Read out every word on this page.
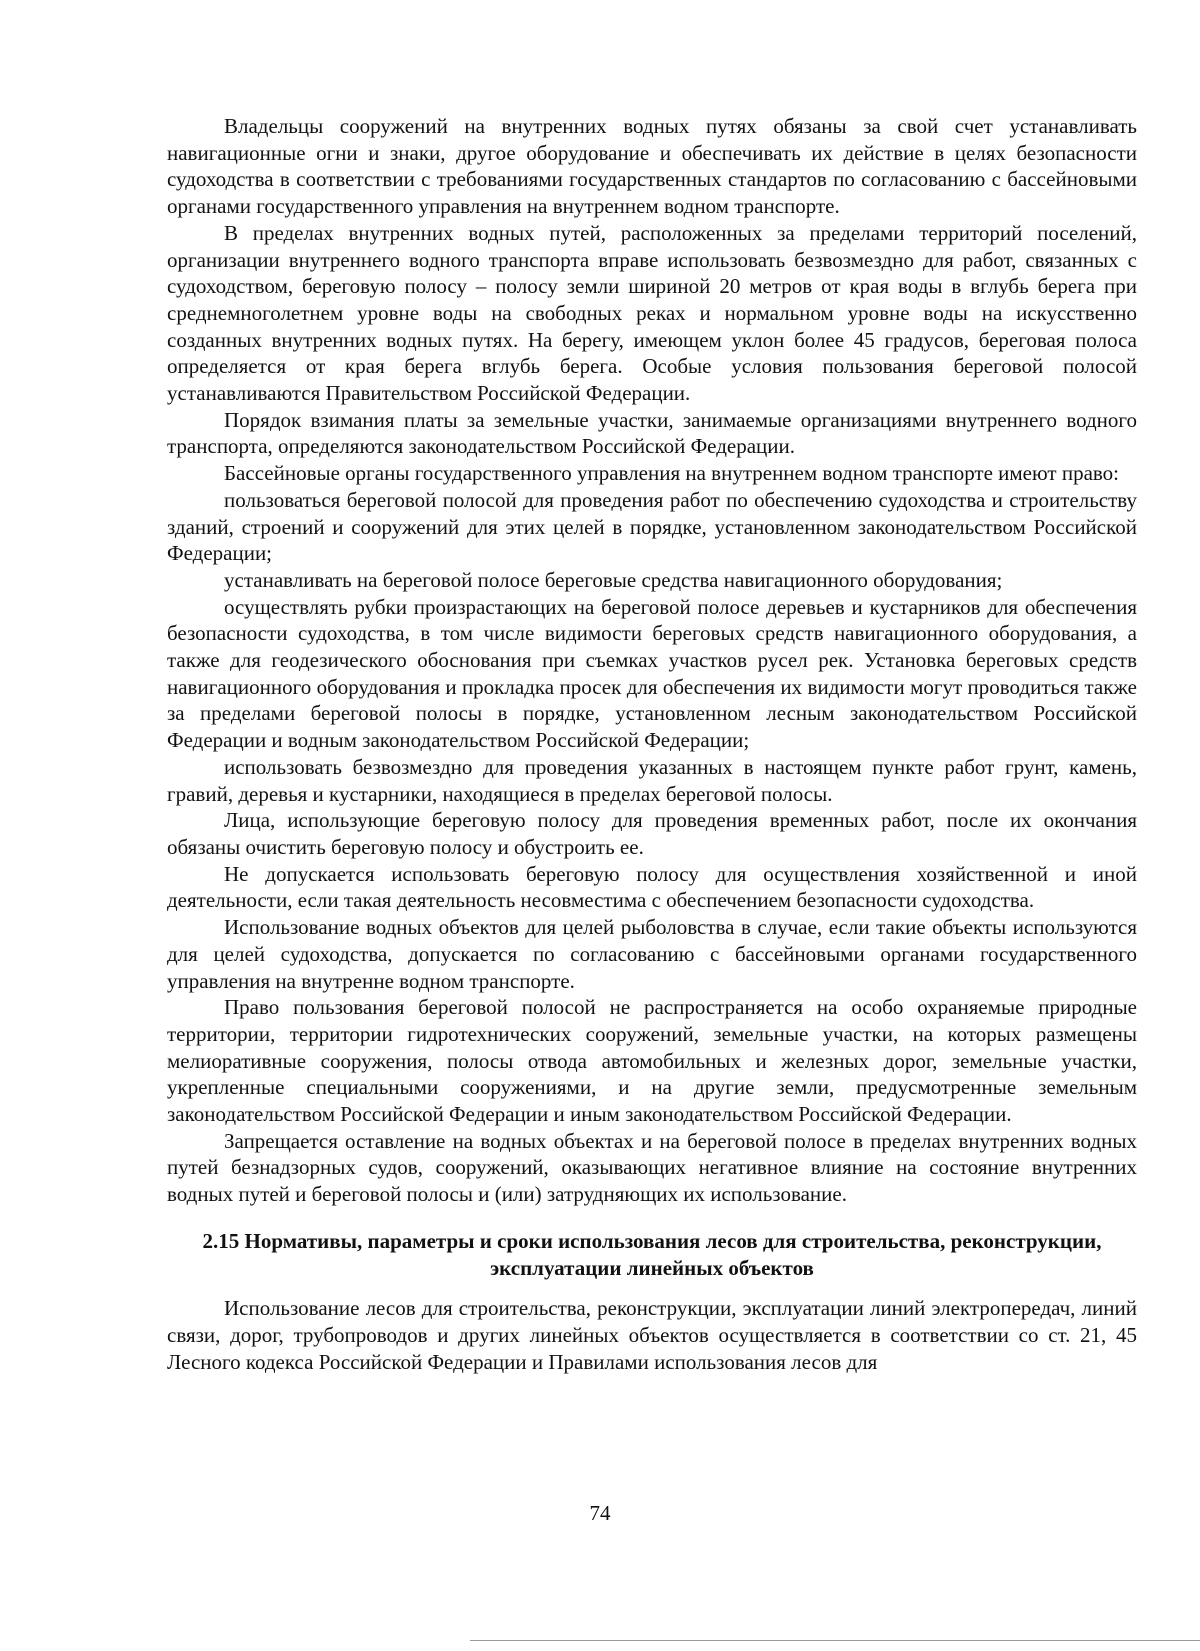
Владельцы сооружений на внутренних водных путях обязаны за свой счет устанавливать навигационные огни и знаки, другое оборудование и обеспечивать их действие в целях безопасности судоходства в соответствии с требованиями государственных стандартов по согласованию с бассейновыми органами государственного управления на внутреннем водном транспорте.

В пределах внутренних водных путей, расположенных за пределами территорий поселений, организации внутреннего водного транспорта вправе использовать безвозмездно для работ, связанных с судоходством, береговую полосу – полосу земли шириной 20 метров от края воды в вглубь берега при среднемноголетнем уровне воды на свободных реках и нормальном уровне воды на искусственно созданных внутренних водных путях. На берегу, имеющем уклон более 45 градусов, береговая полоса определяется от края берега вглубь берега. Особые условия пользования береговой полосой устанавливаются Правительством Российской Федерации.

Порядок взимания платы за земельные участки, занимаемые организациями внутреннего водного транспорта, определяются законодательством Российской Федерации.

Бассейновые органы государственного управления на внутреннем водном транспорте имеют право:

пользоваться береговой полосой для проведения работ по обеспечению судоходства и строительству зданий, строений и сооружений для этих целей в порядке, установленном законодательством Российской Федерации;

устанавливать на береговой полосе береговые средства навигационного оборудования;

осуществлять рубки произрастающих на береговой полосе деревьев и кустарников для обеспечения безопасности судоходства, в том числе видимости береговых средств навигационного оборудования, а также для геодезического обоснования при съемках участков русел рек. Установка береговых средств навигационного оборудования и прокладка просек для обеспечения их видимости могут проводиться также за пределами береговой полосы в порядке, установленном лесным законодательством Российской Федерации и водным законодательством Российской Федерации;

использовать безвозмездно для проведения указанных в настоящем пункте работ грунт, камень, гравий, деревья и кустарники, находящиеся в пределах береговой полосы.

Лица, использующие береговую полосу для проведения временных работ, после их окончания обязаны очистить береговую полосу и обустроить ее.

Не допускается использовать береговую полосу для осуществления хозяйственной и иной деятельности, если такая деятельность несовместима с обеспечением безопасности судоходства.

Использование водных объектов для целей рыболовства в случае, если такие объекты используются для целей судоходства, допускается по согласованию с бассейновыми органами государственного управления на внутренне водном транспорте.

Право пользования береговой полосой не распространяется на особо охраняемые природные территории, территории гидротехнических сооружений, земельные участки, на которых размещены мелиоративные сооружения, полосы отвода автомобильных и железных дорог, земельные участки, укрепленные специальными сооружениями, и на другие земли, предусмотренные земельным законодательством Российской Федерации и иным законодательством Российской Федерации.

Запрещается оставление на водных объектах и на береговой полосе в пределах внутренних водных путей безнадзорных судов, сооружений, оказывающих негативное влияние на состояние внутренних водных путей и береговой полосы и (или) затрудняющих их использование.

2.15 Нормативы, параметры и сроки использования лесов для строительства, реконструкции, эксплуатации линейных объектов

Использование лесов для строительства, реконструкции, эксплуатации линий электропередач, линий связи, дорог, трубопроводов и других линейных объектов осуществляется в соответствии со ст. 21, 45 Лесного кодекса Российской Федерации и Правилами использования лесов для

74
